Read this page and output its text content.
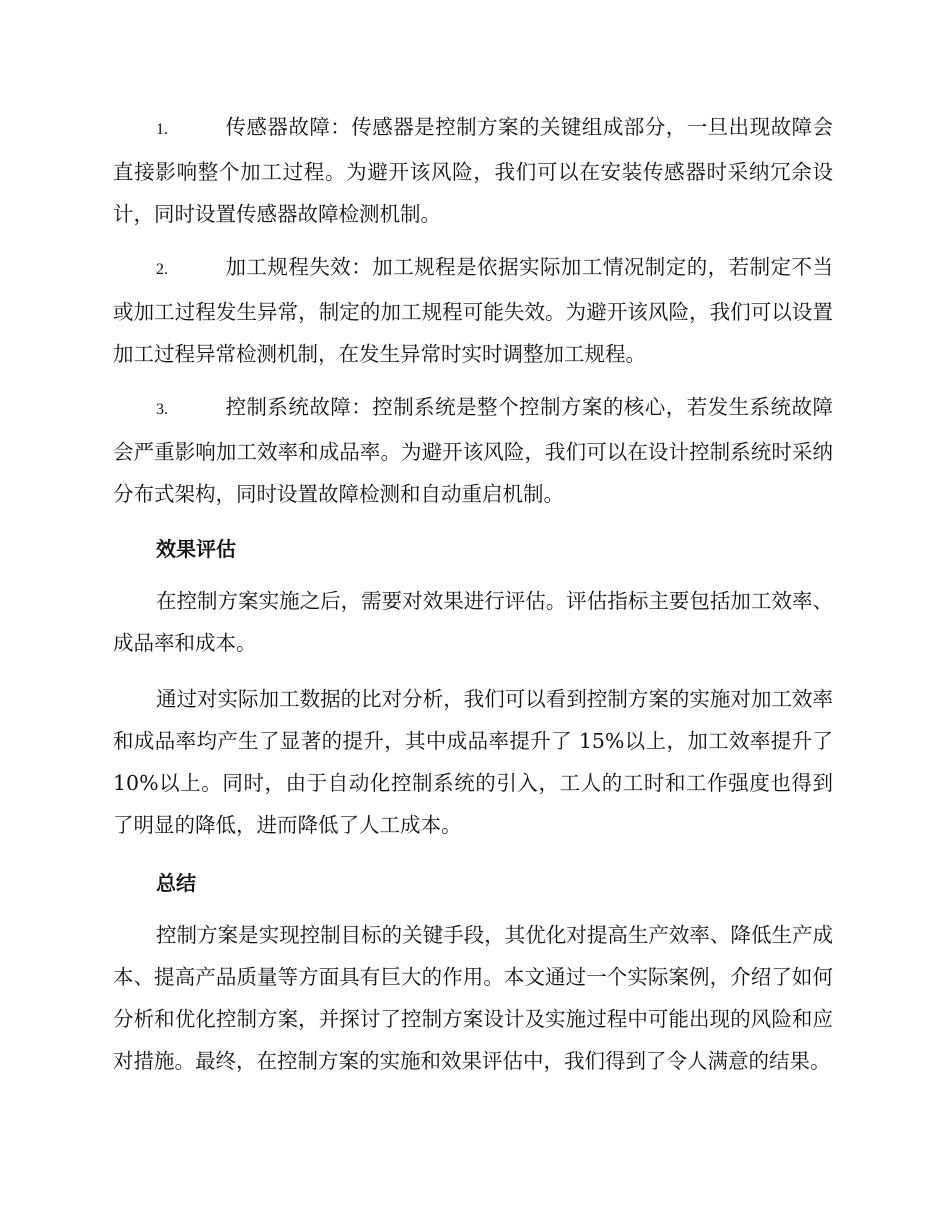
1.	传感器故障：传感器是控制方案的关键组成部分，一旦出现故障会直接影响整个加工过程。为避开该风险，我们可以在安装传感器时采纳冗余设计，同时设置传感器故障检测机制。

2.	加工规程失效：加工规程是依据实际加工情况制定的，若制定不当或加工过程发生异常，制定的加工规程可能失效。为避开该风险，我们可以设置加工过程异常检测机制，在发生异常时实时调整加工规程。

3.	控制系统故障：控制系统是整个控制方案的核心，若发生系统故障会严重影响加工效率和成品率。为避开该风险，我们可以在设计控制系统时采纳分布式架构，同时设置故障检测和自动重启机制。

效果评估

在控制方案实施之后，需要对效果进行评估。评估指标主要包括加工效率、成品率和成本。

通过对实际加工数据的比对分析，我们可以看到控制方案的实施对加工效率和成品率均产生了显著的提升，其中成品率提升了 15%以上，加工效率提升了 10%以上。同时，由于自动化控制系统的引入，工人的工时和工作强度也得到了明显的降低，进而降低了人工成本。

总结

控制方案是实现控制目标的关键手段，其优化对提高生产效率、降低生产成本、提高产品质量等方面具有巨大的作用。本文通过一个实际案例，介绍了如何分析和优化控制方案，并探讨了控制方案设计及实施过程中可能出现的风险和应对措施。最终，在控制方案的实施和效果评估中，我们得到了令人满意的结果。
